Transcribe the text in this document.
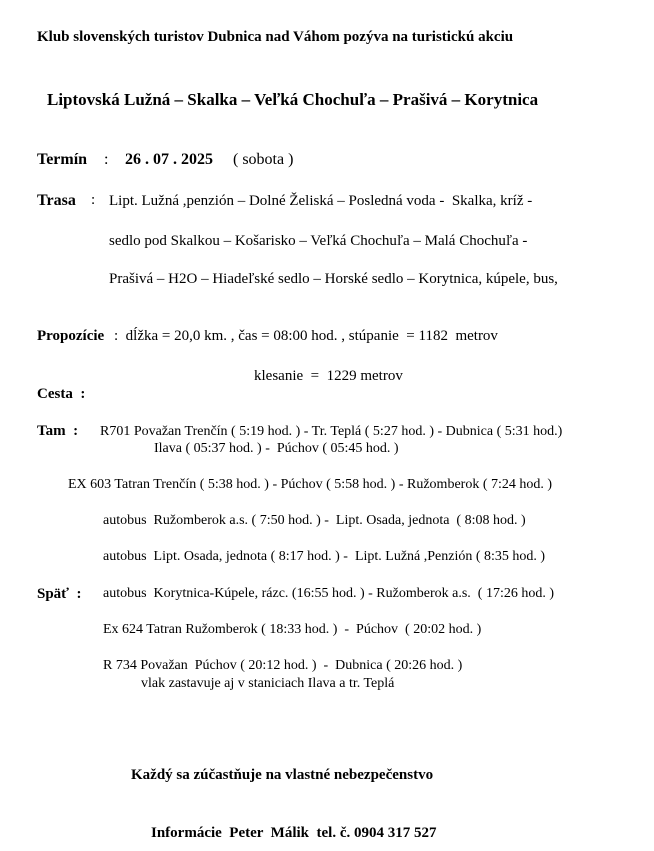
Klub slovenských turistov Dubnica nad Váhom pozýva na turistickú akciu
Liptovská Lužná – Skalka – Veľká Chochuľa – Prašivá – Korytnica
Termín : 26 . 07 . 2025 ( sobota )
Trasa : Lipt. Lužná ,penzión – Dolné Želiská – Posledná voda -  Skalka, kríž -
sedlo pod Skalkou – Košarisko – Veľká Chochuľa – Malá Chochuľa -
Prašivá – H2O – Hiadeľské sedlo – Horské sedlo – Korytnica, kúpele, bus,
Propozície :  dĺžka = 20,0 km. , čas = 08:00 hod. , stúpanie  = 1182  metrov
klesanie  =  1229 metrov
Cesta  :
Tam  : R701 Považan Trenčín ( 5:19 hod. ) - Tr. Teplá ( 5:27 hod. ) - Dubnica ( 5:31 hod.)
Ilava ( 05:37 hod. ) -  Púchov ( 05:45 hod. )
EX 603 Tatran Trenčín ( 5:38 hod. ) - Púchov ( 5:58 hod. ) - Ružomberok ( 7:24 hod. )
autobus  Ružomberok a.s. ( 7:50 hod. ) -  Lipt. Osada, jednota  ( 8:08 hod. )
autobus  Lipt. Osada, jednota ( 8:17 hod. ) -  Lipt. Lužná ,Penzión ( 8:35 hod. )
Späť  : autobus  Korytnica-Kúpele, rázc. (16:55 hod. ) - Ružomberok a.s.  ( 17:26 hod. )
Ex 624 Tatran Ružomberok ( 18:33 hod. )  -  Púchov  ( 20:02 hod. )
R 734 Považan  Púchov ( 20:12 hod. )  -  Dubnica ( 20:26 hod. )
vlak zastavuje aj v staniciach Ilava a tr. Teplá
Každý sa zúčastňuje na vlastné nebezpečenstvo
Informácie  Peter  Málik  tel. č. 0904 317 527
